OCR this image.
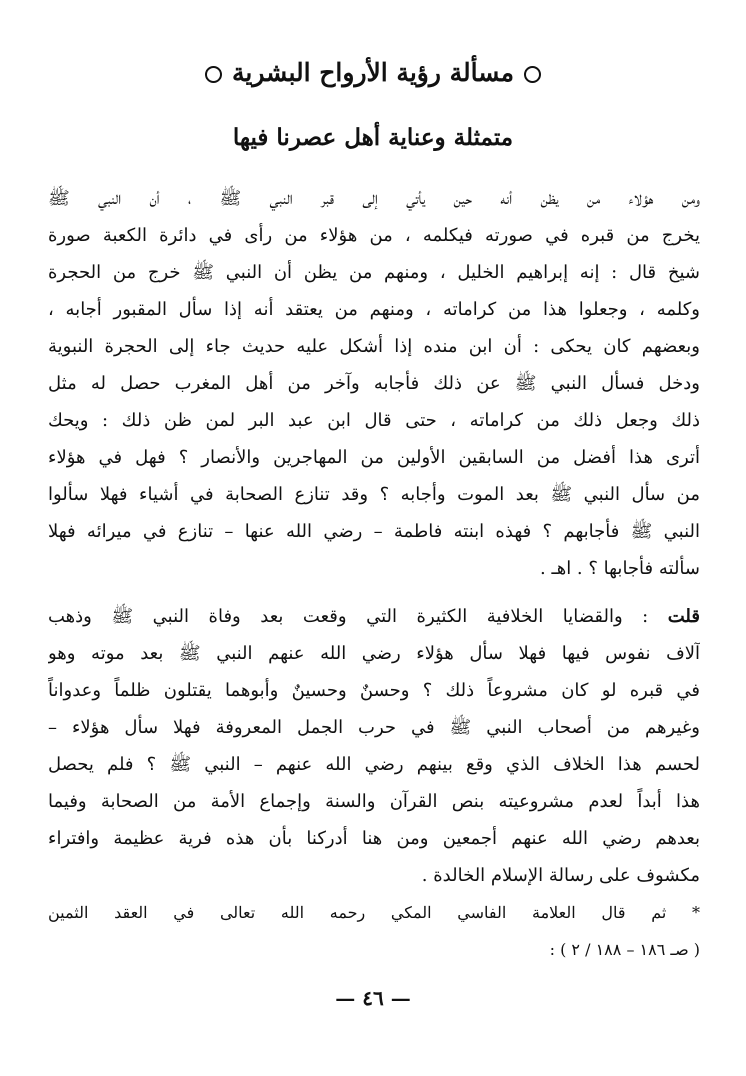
مسألة رؤية الأرواح البشرية
متمثلة وعناية أهل عصرنا فيها
ومن هؤلاء من يظن أنه حين يأتي إلى قبر النبي ﷺ ، أن النبي ﷺ
يخرج من قبره في صورته فيكلمه ، من هؤلاء من رأى في دائرة الكعبة صورة
شيخ قال : إنه إبراهيم الخليل ، ومنهم من يظن أن النبي ﷺ خرج من الحجرة
وكلمه ، وجعلوا هذا من كراماته ، ومنهم من يعتقد أنه إذا سأل المقبور أجابه ،
وبعضهم كان يحكى : أن ابن منده إذا أشكل عليه حديث جاء إلى الحجرة النبوية
ودخل فسأل النبي ﷺ عن ذلك فأجابه وآخر من أهل المغرب حصل له مثل
ذلك وجعل ذلك من كراماته ، حتى قال ابن عبد البر لمن ظن ذلك : ويحك
أترى هذا أفضل من السابقين الأولين من المهاجرين والأنصار ؟ فهل في هؤلاء
من سأل النبي ﷺ بعد الموت وأجابه ؟ وقد تنازع الصحابة في أشياء فهلا سألوا
النبي ﷺ فأجابهم ؟ فهذه ابنته فاطمة – رضي الله عنها – تنازع في ميرائه فهلا
سألته فأجابها ؟ . اهـ .
قلت : والقضايا الخلافية الكثيرة التي وقعت بعد وفاة النبي ﷺ وذهب
آلاف نفوس فيها فهلا سأل هؤلاء رضي الله عنهم النبي ﷺ بعد موته وهو
في قبره لو كان مشروعاً ذلك ؟ وحسنٌ وحسينٌ وأبوهما يقتلون ظلماً وعدواناً
وغيرهم من أصحاب النبي ﷺ في حرب الجمل المعروفة فهلا سأل هؤلاء –
لحسم هذا الخلاف الذي وقع بينهم رضي الله عنهم – النبي ﷺ ؟ فلم يحصل
هذا أبداً لعدم مشروعيته بنص القرآن والسنة وإجماع الأمة من الصحابة وفيما
بعدهم رضي الله عنهم أجمعين ومن هنا أدركنا بأن هذه فرية عظيمة وافتراء
مكشوف على رسالة الإسلام الخالدة .
* ثم قال العلامة الفاسي المكي رحمه الله تعالى في العقد الثمين
( صـ ١٨٦ – ١٨٨ / ٢ ) :
— ٤٦ —
